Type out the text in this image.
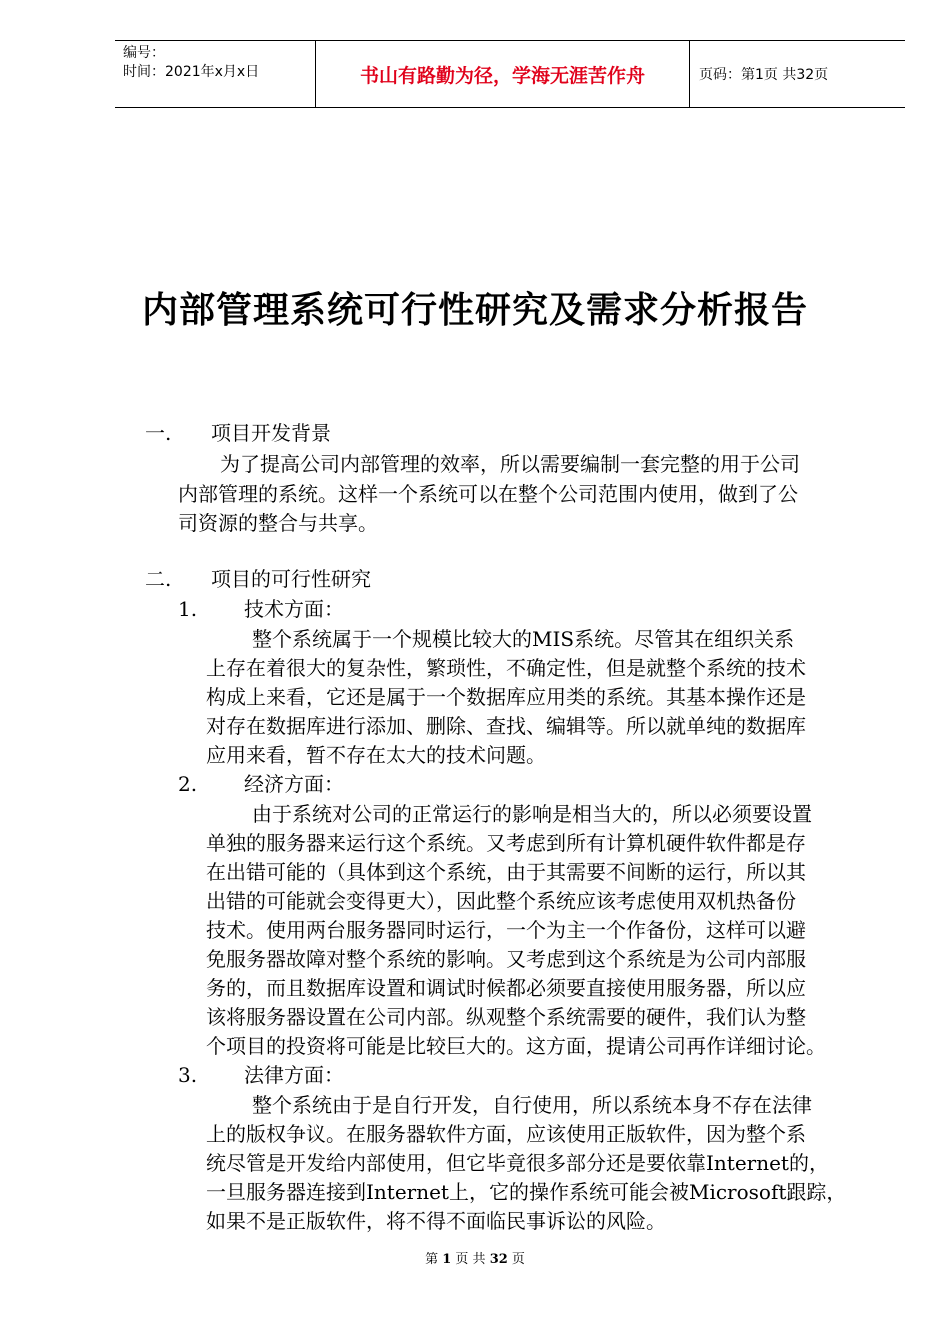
编号：
时间：2021年x月x日	书山有路勤为径，学海无涯苦作舟	页码：第1页 共32页
内部管理系统可行性研究及需求分析报告
一. 项目开发背景
为了提高公司内部管理的效率，所以需要编制一套完整的用于公司
内部管理的系统。这样一个系统可以在整个公司范围内使用，做到了公
司资源的整合与共享。
二. 项目的可行性研究
1. 技术方面：
整个系统属于一个规模比较大的MIS系统。尽管其在组织关系
上存在着很大的复杂性，繁琐性，不确定性，但是就整个系统的技术
构成上来看，它还是属于一个数据库应用类的系统。其基本操作还是
对存在数据库进行添加、删除、查找、编辑等。所以就单纯的数据库
应用来看，暂不存在太大的技术问题。
2. 经济方面：
由于系统对公司的正常运行的影响是相当大的，所以必须要设置
单独的服务器来运行这个系统。又考虑到所有计算机硬件软件都是存
在出错可能的（具体到这个系统，由于其需要不间断的运行，所以其
出错的可能就会变得更大），因此整个系统应该考虑使用双机热备份
技术。使用两台服务器同时运行，一个为主一个作备份，这样可以避
免服务器故障对整个系统的影响。又考虑到这个系统是为公司内部服
务的，而且数据库设置和调试时候都必须要直接使用服务器，所以应
该将服务器设置在公司内部。纵观整个系统需要的硬件，我们认为整
个项目的投资将可能是比较巨大的。这方面，提请公司再作详细讨论。
3. 法律方面：
整个系统由于是自行开发，自行使用，所以系统本身不存在法律
上的版权争议。在服务器软件方面，应该使用正版软件，因为整个系
统尽管是开发给内部使用，但它毕竟很多部分还是要依靠Internet的，
一旦服务器连接到Internet上，它的操作系统可能会被Microsoft跟踪，
如果不是正版软件，将不得不面临民事诉讼的风险。
第 1 页 共 32 页
